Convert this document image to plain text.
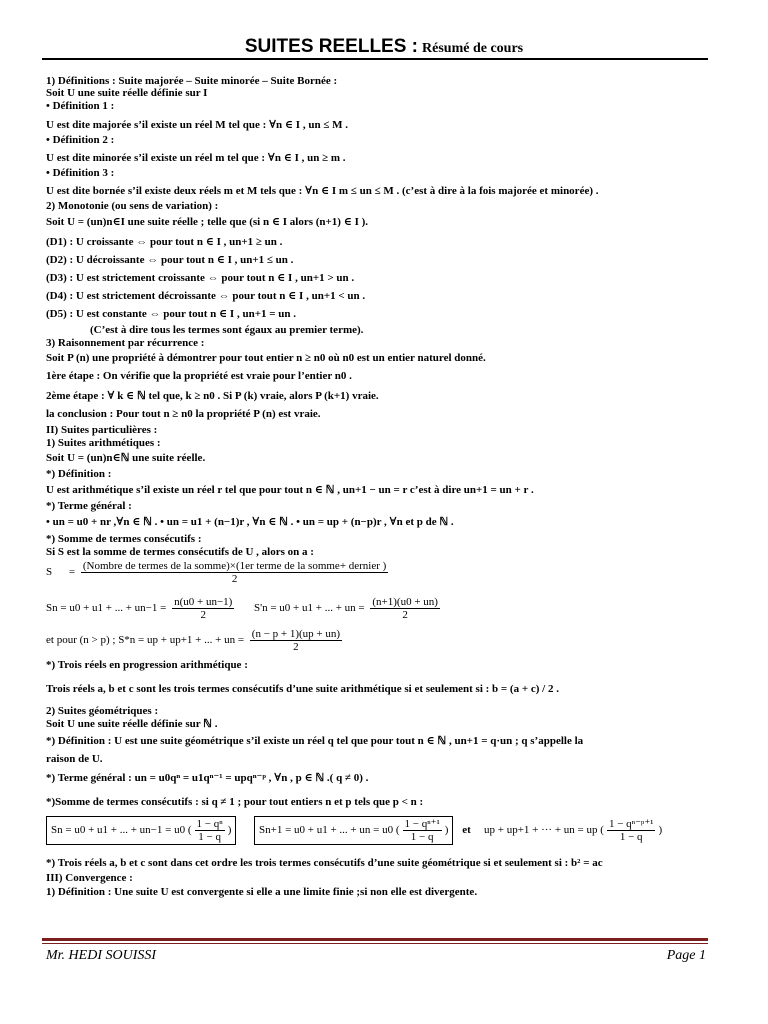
SUITES REELLES : Résumé de cours
1) Définitions : Suite majorée – Suite minorée – Suite Bornée :
Soit U une suite réelle définie sur I
• Définition 1 :
U est dite majorée s’il existe un réel M tel que : ∀n ∈ I , un ≤ M .
• Définition 2 :
U est dite minorée s’il existe un réel m tel que : ∀n ∈ I , un ≥ m .
• Définition 3 :
U est dite bornée s’il existe deux réels m et M tels que : ∀n ∈ I m ≤ un ≤ M . (c’est à dire à la fois majorée et minorée) .
2) Monotonie (ou sens de variation) :
Soit U = (un)n∈I une suite réelle ; telle que (si n ∈ I alors (n+1) ∈ I ).
(D1) : U croissante ⇔ pour tout n ∈ I , un+1 ≥ un .
(D2) : U décroissante ⇔ pour tout n ∈ I , un+1 ≤ un .
(D3) : U est strictement croissante ⇔ pour tout n ∈ I , un+1 > un .
(D4) : U est strictement décroissante ⇔ pour tout n ∈ I , un+1 < un .
(D5) : U est constante ⇔ pour tout n ∈ I , un+1 = un .
(C’est à dire tous les termes sont égaux au premier terme).
3) Raisonnement par récurrence :
Soit P (n) une propriété à démontrer pour tout entier n ≥ n0 où n0 est un entier naturel donné.
1ère étape : On vérifie que la propriété est vraie pour l’entier n0 .
2ème étape : ∀ k ∈ ℕ tel que, k ≥ n0 . Si P (k) vraie, alors P (k+1) vraie.
la conclusion : Pour tout n ≥ n0 la propriété P (n) est vraie.
II) Suites particulières :
1) Suites arithmétiques :
Soit U = (un)n∈ℕ une suite réelle.
*) Définition :
U est arithmétique s’il existe un réel r tel que pour tout n ∈ ℕ , un+1 − un = r c’est à dire un+1 = un + r .
*) Terme général :
• un = u0 + nr ,∀n ∈ ℕ . • un = u1 + (n−1)r , ∀n ∈ ℕ . • un = up + (n−p)r , ∀n et p de ℕ .
*) Somme de termes consécutifs :
Si S est la somme de termes consécutifs de U , alors on a :
*) Trois réels en progression arithmétique :
Trois réels a, b et c sont les trois termes consécutifs d’une suite arithmétique si et seulement si : b = (a + c) / 2 .
2) Suites géométriques :
Soit U une suite réelle définie sur ℕ .
*) Définition : U est une suite géométrique s’il existe un réel q tel que pour tout n ∈ ℕ , un+1 = q·un ; q s’appelle la
raison de U.
*) Terme général : un = u0qⁿ = u1qⁿ⁻¹ = upqⁿ⁻ᵖ , ∀n , p ∈ ℕ .( q ≠ 0) .
*)Somme de termes consécutifs : si q ≠ 1 ; pour tout entiers n et p tels que p < n :
*) Trois réels a, b et c sont dans cet ordre les trois termes consécutifs d’une suite géométrique si et seulement si : b² = ac
III) Convergence :
1) Définition : Une suite U est convergente si elle a une limite finie ;si non elle est divergente.
S =
(Nombre de termes de la somme)×(1er terme de la somme+ dernier )
2
Sn = u0 + u1 + ... + $un-1 = \frac{n(u0 + un-1)}{2} S'n = u0 + u1$ + ... + un = $\frac{(n+1)(u0 + un)}{2}$
et pour (n > p) ; S*n = up + up+1 + ... + un = $\frac{(n - p + 1)(up + un)}{2}$
Sn = u0 + u1 + ... + un−1 = u0 ( $\frac{\text{1 − qⁿ}}{1 - q}$ )	Sn+1 = u0 + u1 + ... + un = u0 ( $\frac{\text{1 − qⁿ⁺¹}}{1 - q}$ ) et up + up+1 + ··· + un = up ( $\frac{\text{1 − qⁿ⁻ᵖ⁺¹}}{1 - q}$ )
Mr. HEDI SOUISSI	Page 1
